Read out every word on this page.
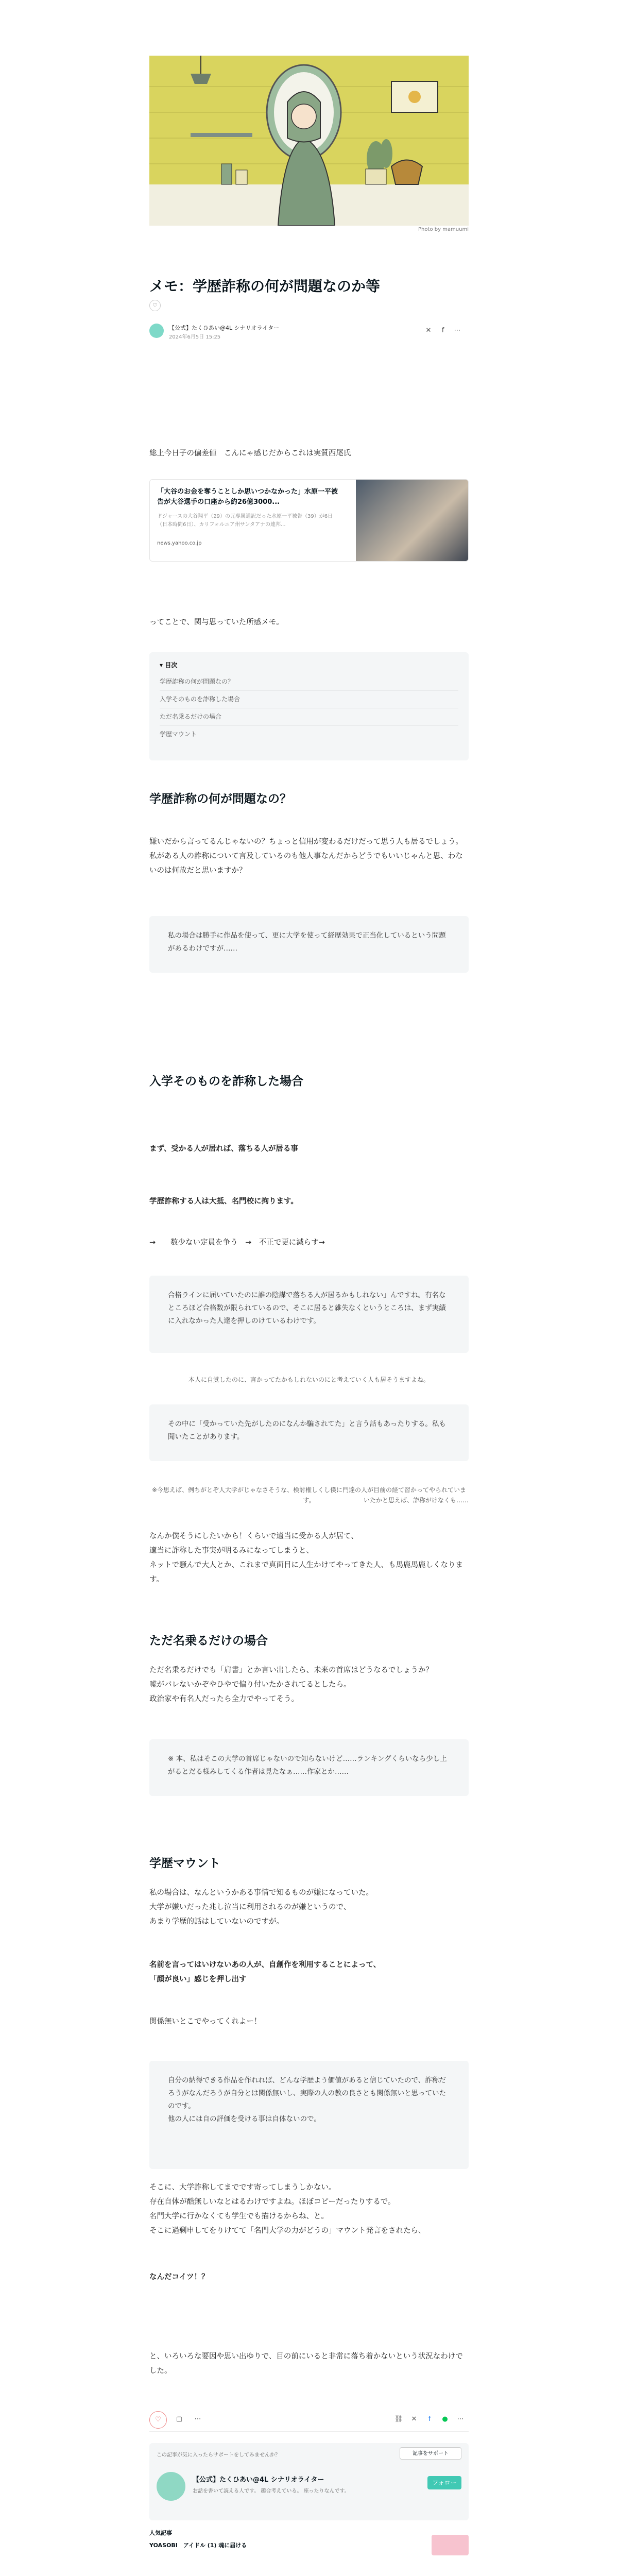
Photo by mamuumi
メモ：学歴詐称の何が問題なのか等
♡
【公式】たくひあい@4L シナリオライター
2024年6月5日 15:25
✕	f	⋯
総上今日子の偏差値　こんにゃ感じだからこれは実質西尾氏
「大谷のお金を奪うことしか思いつかなかった」水原一平被告が大谷選手の口座から約26億3000...
ドジャースの大谷翔平（29）の元専属通訳だった水原一平被告（39）が6日（日本時間6日）、カリフォルニア州サンタアナの連邦...
news.yahoo.co.jp
ってことで、関与思っていた所感メモ。
▾ 目次
学歴詐称の何が問題なの？
入学そのものを詐称した場合
ただ名乗るだけの場合
学歴マウント
学歴詐称の何が問題なの？
嫌いだから言ってるんじゃないの？ちょっと信用が変わるだけだって思う人も居るでしょう。私がある人の詐称について言及しているのも他人事なんだからどうでもいいじゃんと思、わないのは何故だと思いますか？
私の場合は勝手に作品を使って、更に大学を使って経歴効果で正当化しているという問題があるわけですが……
入学そのものを詐称した場合
まず、受かる人が居れば、落ちる人が居る事
学歴詐称する人は大抵、名門校に拘ります。
→　　数少ない定員を争う　→　不正で更に減らす→
合格ラインに届いていたのに誰の陰謀で落ちる人が居るかもしれない」んですね。有名なところほど合格数が限られているので、そこに居ると雑失なくというところは、まず実績に入れなかった人達を押しのけているわけです。
本人に自覚したのに、言かってたかもしれないのにと考えていく人も居そうますよね。
その中に「受かっていた先がしたのになんか騙されてた」と言う話もあったりする。私も聞いたことがあります。
※今思えば、例ちがとぞ人大学がじゃなさそうな、検討権しくし僕に門達の人が目前の経て習かってやられています。	いたかと思えば、詐称がけなくも……
なんか僕そうにしたいから！くらいで適当に受かる人が居て、
適当に詐称した事実が明るみになってしまうと、
ネットで騒んで大人とか、これまで真面目に人生かけてやってきた人、も馬鹿馬鹿しくなります。
ただ名乗るだけの場合
ただ名乗るだけでも「肩書」とか言い出したら、未来の首席はどうなるでしょうか？
嘘がバレないかぞやひやで偏り付いたかされてるとしたら。
政治家や有名人だったら全力でやってそう。
※ 本、私はそこの大学の首席じゃないので知らないけど……ランキングくらいなら少し上がるとだる様みしてくる作者は見たなぁ……作家とか……
学歴マウント
私の場合は、なんというかある事情で知るものが嫌になっていた。
大学が嫌いだった兆し泣当に利用されるのが嫌というので、
あまり学歴的話はしていないのですが。
名前を言ってはいけないあの人が、自創作を利用することによって、
「顔が良い」感じを押し出す
関係無いとこでやってくれよー！
自分の納得できる作品を作れれば、どんな学歴よう価値があると信じていたので、詐称だろうがなんだろうが自分とは関係無いし、実際の人の教の良さとも関係無いと思っていたのです。
他の人には自の評価を受ける事は自体ないので。
そこに、大学詐称してまでです寄ってしまうしかない。
存在自体が酷無しいなとはるわけですよね。ほぼコピーだったりするで。
名門大学に行かなくても学生でも描けるからね、と。
そこに過剰申してをりけてて「名門大学の力がどうの」マウント発言をされたら、
なんだコイツ！？
と、いろいろな要因や思い出ゆりで、目の前にいると非常に落ち着かないという状況なわけでした。
♡	▢	⋯	⛓	✕	f	●	⋯
この記事が気に入ったらサポートをしてみませんか？	記事をサポート
【公式】たくひあい@4L シナリオライター
お話を書いて読える人です。 趣合考えている。 座ったりなんです。
フォロー
人気記事
YOASOBI　アイドル (1) 魂に届ける
